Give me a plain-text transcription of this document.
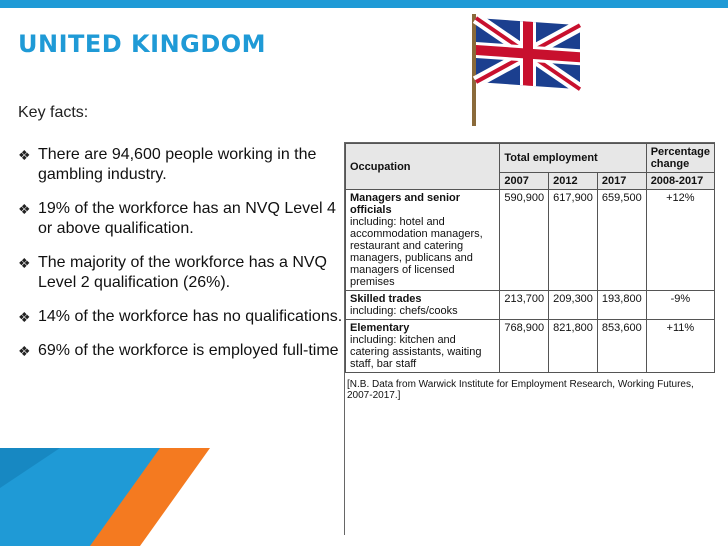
UNITED KINGDOM
Key facts:
❖ There are 94,600 people working in the gambling industry.
❖ 19% of the workforce has an NVQ Level 4 or above qualification.
❖ The majority of the workforce has a NVQ Level 2 qualification (26%).
❖ 14% of the workforce has no qualifications.
❖ 69% of the workforce is employed full-time
Occupation	Total employment			Percentage change
	2007	2012	2017	2008-2017
Managers and senior officials
including: hotel and accommodation managers, restaurant and catering managers, publicans and managers of licensed premises	590,900	617,900	659,500	+12%
Skilled trades
including: chefs/cooks	213,700	209,300	193,800	-9%
Elementary
including: kitchen and catering assistants, waiting staff, bar staff	768,900	821,800	853,600	+11%
[N.B. Data from Warwick Institute for Employment Research, Working Futures, 2007-2017.]
